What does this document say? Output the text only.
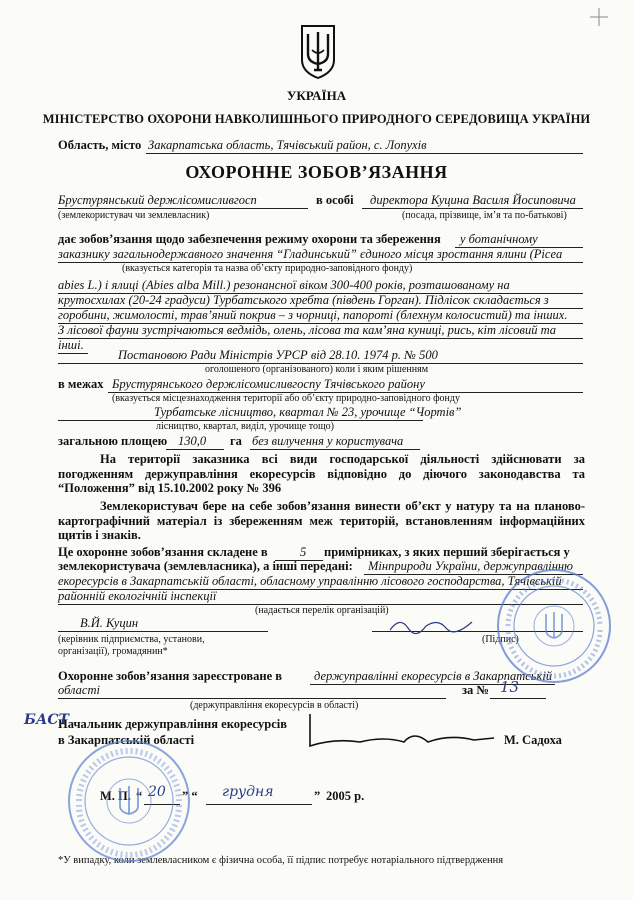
УКРАЇНА
МІНІСТЕРСТВО ОХОРОНИ НАВКОЛИШНЬОГО ПРИРОДНОГО СЕРЕДОВИЩА УКРАЇНИ
Область, місто Закарпатська область, Тячівський район, с. Лопухів
ОХОРОННЕ ЗОБОВ’ЯЗАННЯ
Брустурянський держлісомисливгосп	в особі директора Куцина Василя Йосиповича
(землекористувач чи землевласник)	(посада, прізвище, ім’я та по-батькові)
дає зобов’язання щодо забезпечення режиму охорони та збереження у ботанічному
заказнику загальнодержавного значення “Гладинський” єдиного місця зростання ялини (Picea
(вказується категорія та назва об’єкту природно-заповідного фонду)
abies L.) і ялиці (Abies alba Mill.) резонансної віком 300-400 років, розташованому на
крутосхилах (20-24 градуси) Турбатського хребта (південь Горган). Підлісок складається з
горобини, жимолості, трав’яний покрив – з чорниці, папороті (блехнум колосистий) та інших.
З лісової фауни зустрічаються ведмідь, олень, лісова та кам’яна куниці, рись, кіт лісовий та
інші.
Постановою Ради Міністрів УРСР від 28.10. 1974 р. № 500
оголошеного (організованого) коли і яким рішенням
в межах Брустурянського держлісомисливгоспу Тячівського району
(вказується місцезнаходження території або об’єкту природно-заповідного фонду
Турбатське лісництво, квартал № 23, урочище “Чортів”
лісництво, квартал, виділ, урочище тощо)
загальною площею 130,0 га без вилучення у користувача
На території заказника всі види господарської діяльності здійснювати за погодженням держуправління екоресурсів відповідно до діючого законодавства та “Положення” від 15.10.2002 року № 396
Землекористувач бере на себе зобов’язання винести об’єкт у натуру та на планово-картографічний матеріал із збереженням меж територій, встановленням інформаційних щитів і знаків.
Це охоронне зобов’язання складене в	5 примірниках, з яких перший зберігається у
землекористувача (землевласника), а інші передані: Мінприроди України, держуправлінню
екоресурсів в Закарпатській області, обласному управлінню лісового господарства, Тячівській
районній екологічній інспекції
(надається перелік організацій)
В.Й. Куцин
(керівник підприємства, установи,
організації), громадянин*
(Підпис)
Охоронне зобов’язання зареєстроване в	держуправлінні екоресурсів в Закарпатській
області	за № 13
(держуправління екоресурсів в області)
БАСТ
Начальник держуправління екоресурсів
в Закарпатській області	М. Садоха
М. П. “ 20 ” “ грудня	” 2005 р.
*У випадку, коли землевласником є фізична особа, її підпис потребує нотаріального підтвердження
